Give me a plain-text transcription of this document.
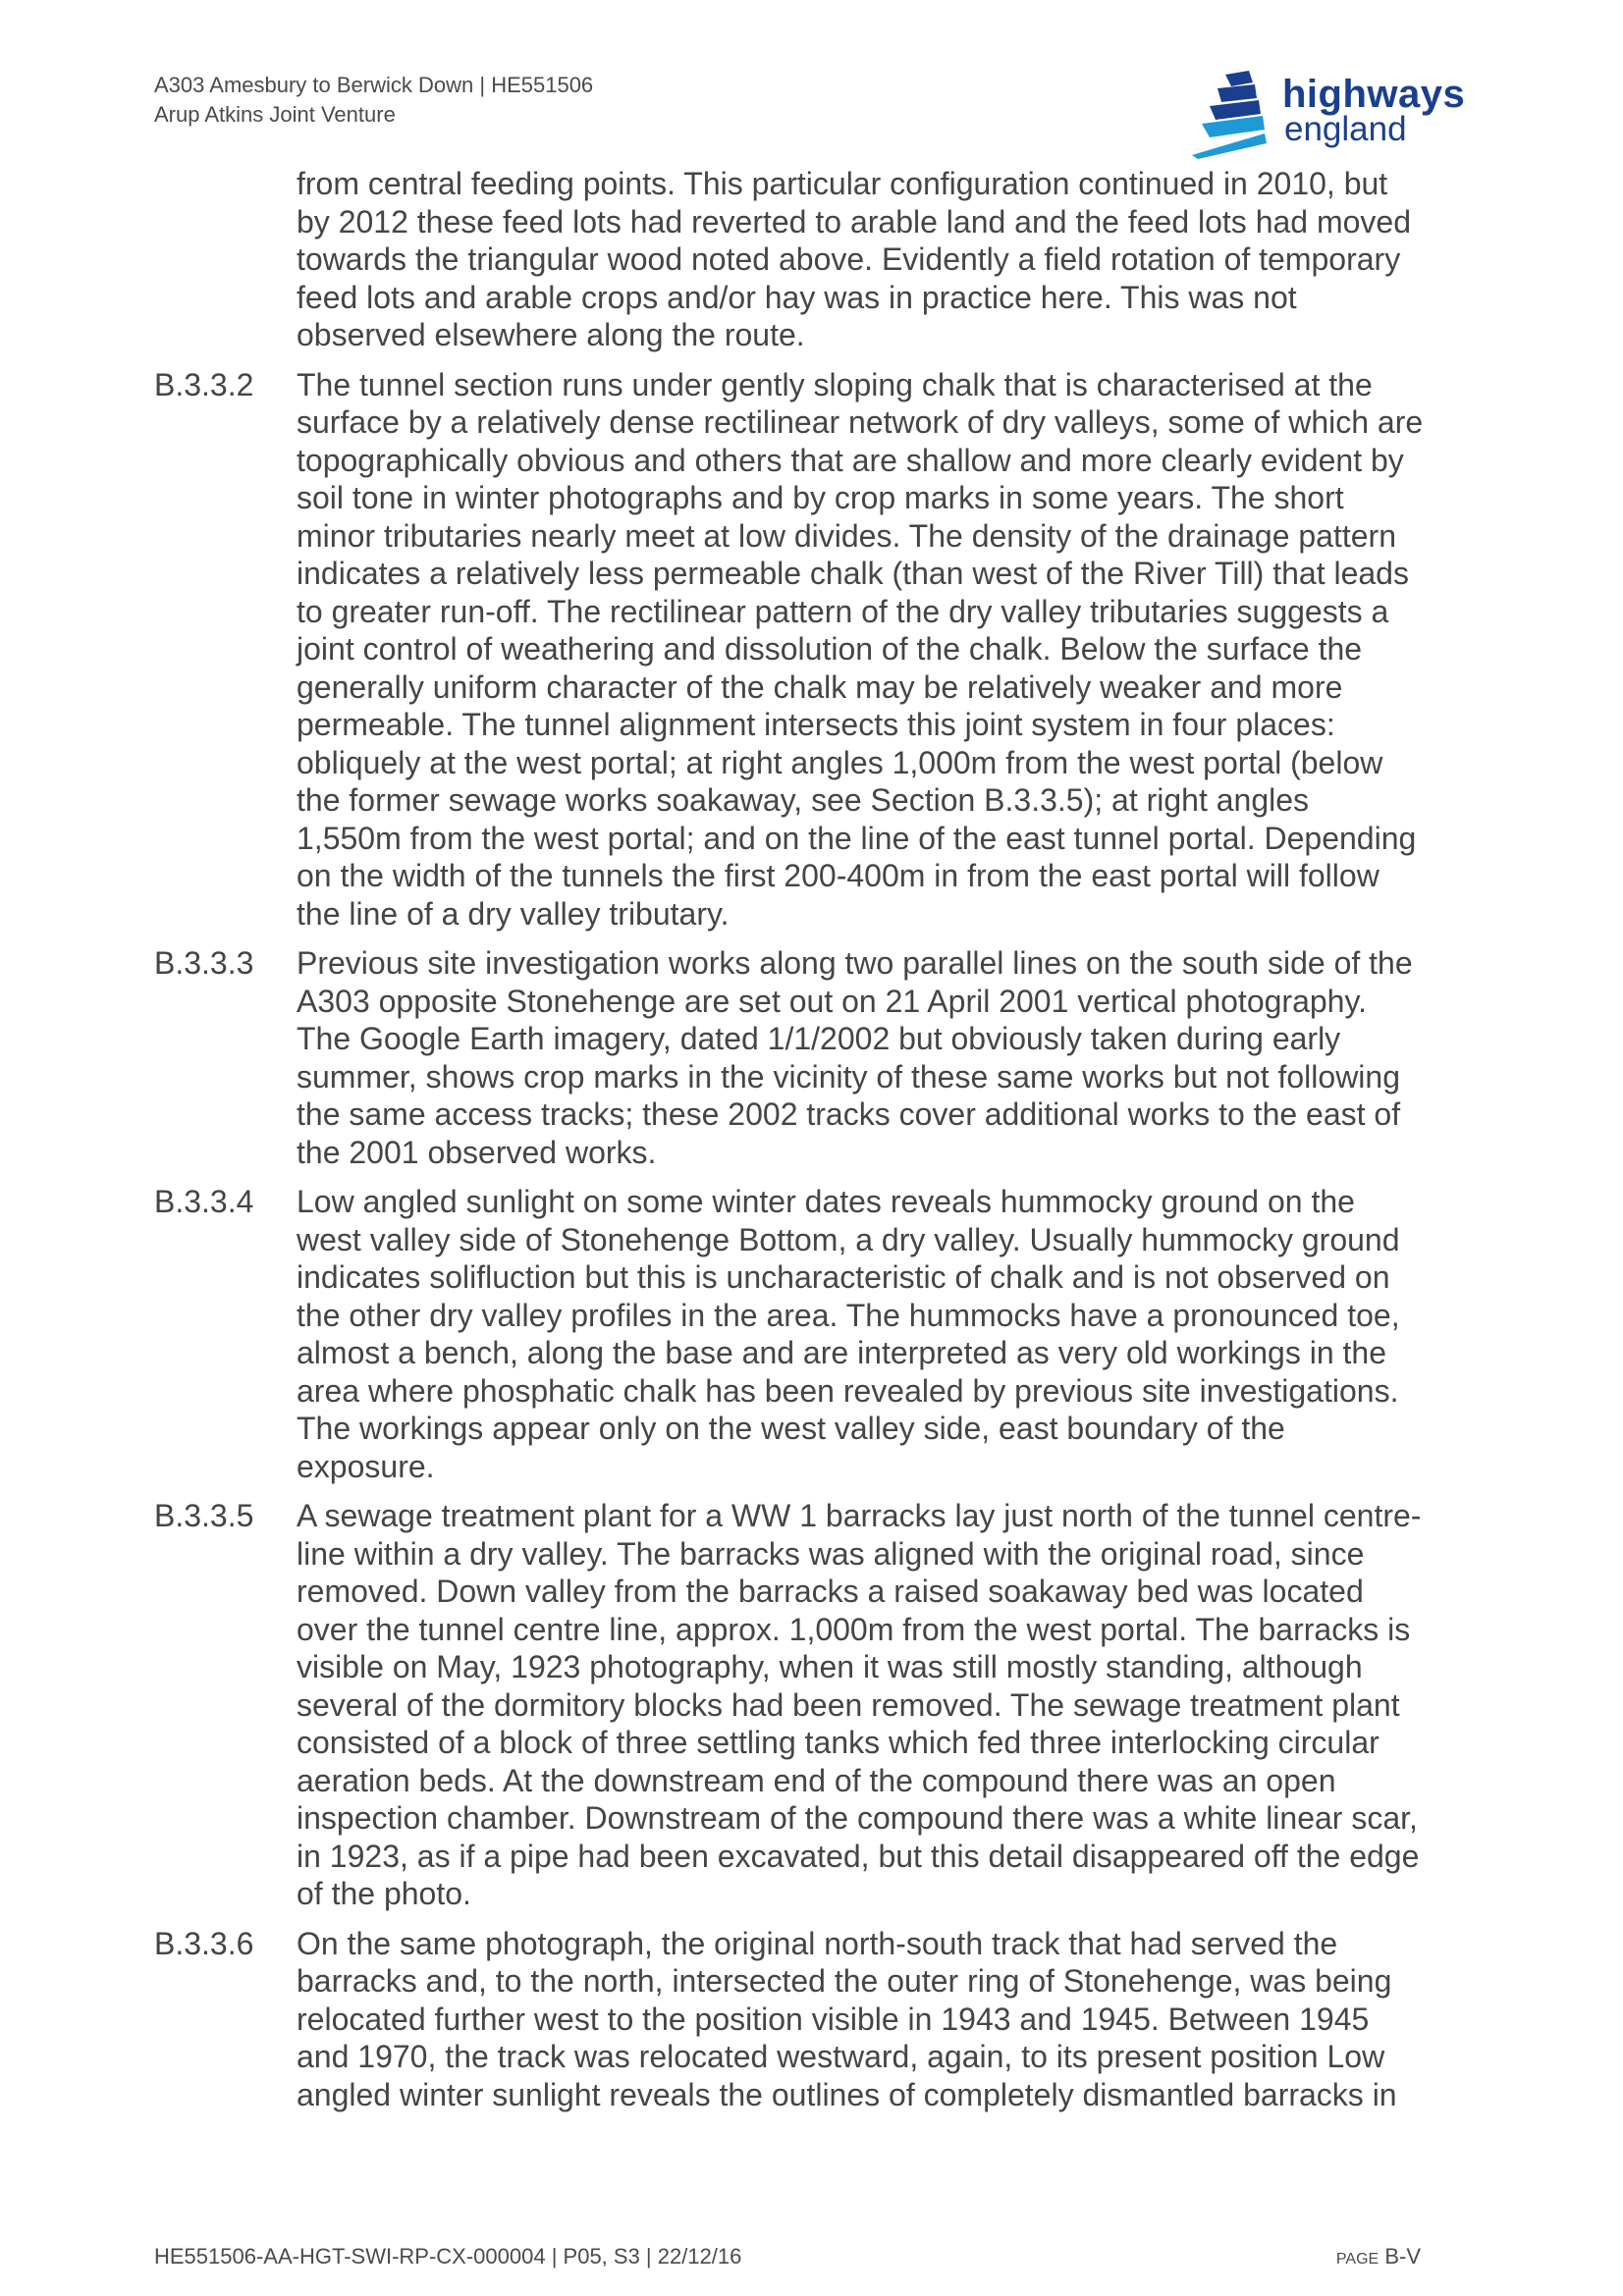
A303 Amesbury to Berwick Down | HE551506
Arup Atkins Joint Venture	highways
england
from central feeding points. This particular configuration continued in 2010, but
by 2012 these feed lots had reverted to arable land and the feed lots had moved
towards the triangular wood noted above. Evidently a field rotation of temporary
feed lots and arable crops and/or hay was in practice here. This was not
observed elsewhere along the route.
B.3.3.2 The tunnel section runs under gently sloping chalk that is characterised at the
surface by a relatively dense rectilinear network of dry valleys, some of which are
topographically obvious and others that are shallow and more clearly evident by
soil tone in winter photographs and by crop marks in some years. The short
minor tributaries nearly meet at low divides. The density of the drainage pattern
indicates a relatively less permeable chalk (than west of the River Till) that leads
to greater run-off. The rectilinear pattern of the dry valley tributaries suggests a
joint control of weathering and dissolution of the chalk. Below the surface the
generally uniform character of the chalk may be relatively weaker and more
permeable. The tunnel alignment intersects this joint system in four places:
obliquely at the west portal; at right angles 1,000m from the west portal (below
the former sewage works soakaway, see Section B.3.3.5); at right angles
1,550m from the west portal; and on the line of the east tunnel portal. Depending
on the width of the tunnels the first 200-400m in from the east portal will follow
the line of a dry valley tributary.
B.3.3.3 Previous site investigation works along two parallel lines on the south side of the
A303 opposite Stonehenge are set out on 21 April 2001 vertical photography.
The Google Earth imagery, dated 1/1/2002 but obviously taken during early
summer, shows crop marks in the vicinity of these same works but not following
the same access tracks; these 2002 tracks cover additional works to the east of
the 2001 observed works.
B.3.3.4 Low angled sunlight on some winter dates reveals hummocky ground on the
west valley side of Stonehenge Bottom, a dry valley. Usually hummocky ground
indicates solifluction but this is uncharacteristic of chalk and is not observed on
the other dry valley profiles in the area. The hummocks have a pronounced toe,
almost a bench, along the base and are interpreted as very old workings in the
area where phosphatic chalk has been revealed by previous site investigations.
The workings appear only on the west valley side, east boundary of the
exposure.
B.3.3.5 A sewage treatment plant for a WW 1 barracks lay just north of the tunnel centre-
line within a dry valley. The barracks was aligned with the original road, since
removed. Down valley from the barracks a raised soakaway bed was located
over the tunnel centre line, approx. 1,000m from the west portal. The barracks is
visible on May, 1923 photography, when it was still mostly standing, although
several of the dormitory blocks had been removed. The sewage treatment plant
consisted of a block of three settling tanks which fed three interlocking circular
aeration beds. At the downstream end of the compound there was an open
inspection chamber. Downstream of the compound there was a white linear scar,
in 1923, as if a pipe had been excavated, but this detail disappeared off the edge
of the photo.
B.3.3.6 On the same photograph, the original north-south track that had served the
barracks and, to the north, intersected the outer ring of Stonehenge, was being
relocated further west to the position visible in 1943 and 1945. Between 1945
and 1970, the track was relocated westward, again, to its present position Low
angled winter sunlight reveals the outlines of completely dismantled barracks in
HE551506-AA-HGT-SWI-RP-CX-000004 | P05, S3 | 22/12/16	PAGE B-V
